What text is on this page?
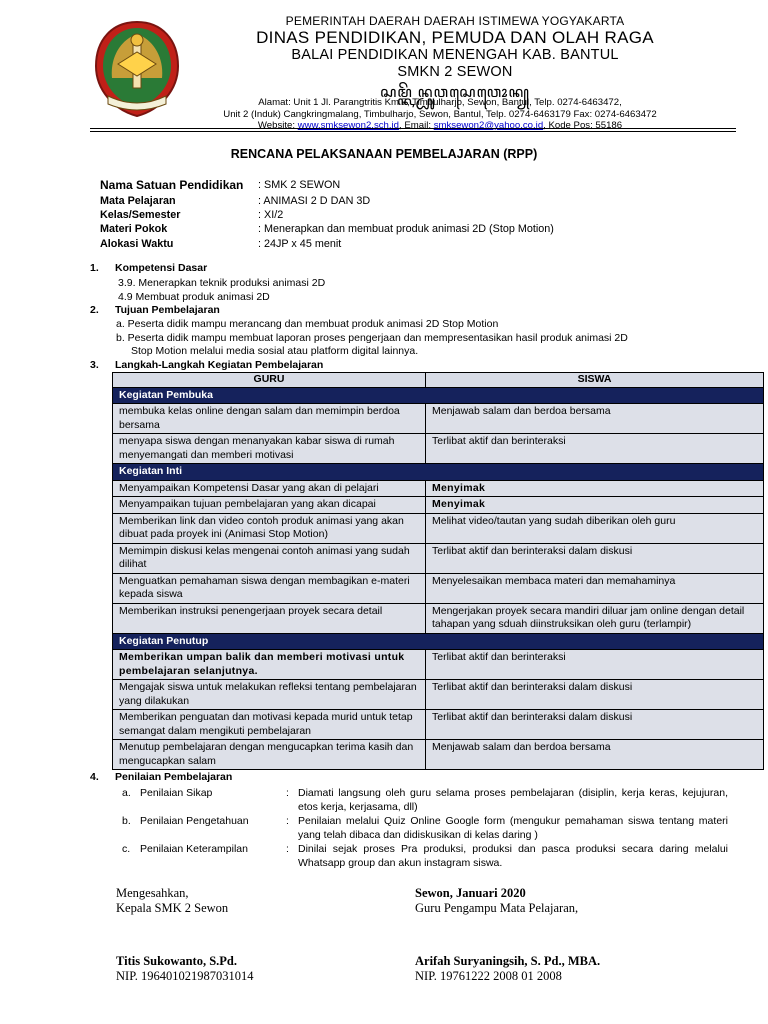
PEMERINTAH DAERAH DAERAH ISTIMEWA YOGYAKARTA
DINAS PENDIDIKAN, PEMUDA DAN OLAH RAGA
BALAI PENDIDIKAN MENENGAH KAB. BANTUL
SMKN 2 SEWON
ꦱꦩ꧀ꦏꦼꦤ꧀ꦝꦸꦮꦱꦺꦮꦺꦴꦤ꧀
Alamat: Unit 1 Jl. Parangtritis Km 7, Timbulharjo, Sewon, Bantul, Telp. 0274-6463472,
Unit 2 (Induk) Cangkringmalang, Timbulharjo, Sewon, Bantul, Telp. 0274-6463179 Fax: 0274-6463472
Website: www.smksewon2.sch.id, Email: smksewon2@yahoo.co.id, Kode Pos: 55186
RENCANA PELAKSANAAN PEMBELAJARAN (RPP)
Nama Satuan Pendidikan	: SMK 2 SEWON
Mata Pelajaran	: ANIMASI 2 D DAN 3D
Kelas/Semester	: XI/2
Materi Pokok	: Menerapkan dan membuat produk animasi 2D (Stop Motion)
Alokasi Waktu	: 24JP x 45 menit
1. Kompetensi Dasar
3.9. Menerapkan teknik produksi animasi 2D
4.9 Membuat produk animasi 2D
2. Tujuan Pembelajaran
a. Peserta didik mampu merancang dan membuat produk animasi 2D Stop Motion
b. Peserta didik mampu membuat laporan proses pengerjaan dan mempresentasikan hasil produk animasi 2D
Stop Motion melalui media sosial atau platform digital lainnya.
3. Langkah-Langkah Kegiatan Pembelajaran
GURU	SISWA
Kegiatan Pembuka	
membuka kelas online dengan salam dan memimpin berdoa bersama	Menjawab salam dan berdoa bersama
menyapa siswa dengan menanyakan kabar siswa di rumah menyemangati dan memberi motivasi	Terlibat aktif dan berinteraksi
Kegiatan Inti	
Menyampaikan Kompetensi Dasar yang akan di pelajari	Menyimak
Menyampaikan tujuan pembelajaran yang akan dicapai	Menyimak
Memberikan link dan video contoh produk animasi yang akan dibuat pada proyek ini (Animasi Stop Motion)	Melihat video/tautan yang sudah diberikan oleh guru
Memimpin diskusi kelas mengenai contoh animasi yang sudah dilihat	Terlibat aktif dan berinteraksi dalam diskusi
Menguatkan pemahaman siswa dengan membagikan e-materi kepada siswa	Menyelesaikan membaca materi dan memahaminya
Memberikan instruksi penengerjaan proyek secara detail	Mengerjakan proyek secara mandiri diluar jam online dengan detail tahapan yang sduah diinstruksikan oleh guru (terlampir)
Kegiatan Penutup	
Memberikan umpan balik dan memberi motivasi untuk pembelajaran selanjutnya.	Terlibat aktif dan berinteraksi
Mengajak siswa untuk melakukan refleksi tentang pembelajaran yang dilakukan	Terlibat aktif dan berinteraksi dalam diskusi
Memberikan penguatan dan motivasi kepada murid untuk tetap semangat dalam mengikuti pembelajaran	Terlibat aktif dan berinteraksi dalam diskusi
Menutup pembelajaran dengan mengucapkan terima kasih dan mengucapkan salam	Menjawab salam dan berdoa bersama
4. Penilaian Pembelajaran
a. Penilaian Sikap	: Diamati langsung oleh guru selama proses pembelajaran (disiplin, kerja keras, kejujuran, etos kerja, kerjasama, dll)
b. Penilaian Pengetahuan	: Penilaian melalui Quiz Online Google form (mengukur pemahaman siswa tentang materi yang telah dibaca dan didiskusikan di kelas daring )
c. Penilaian Keterampilan	: Dinilai sejak proses Pra produksi, produksi dan pasca produksi secara daring melalui Whatsapp group dan akun instagram siswa.
Mengesahkan,
Kepala SMK 2 Sewon
Sewon, Januari 2020
Guru Pengampu Mata Pelajaran,
Titis Sukowanto, S.Pd.
NIP. 196401021987031014
Arifah Suryaningsih, S. Pd., MBA.
NIP. 19761222 2008 01 2008
